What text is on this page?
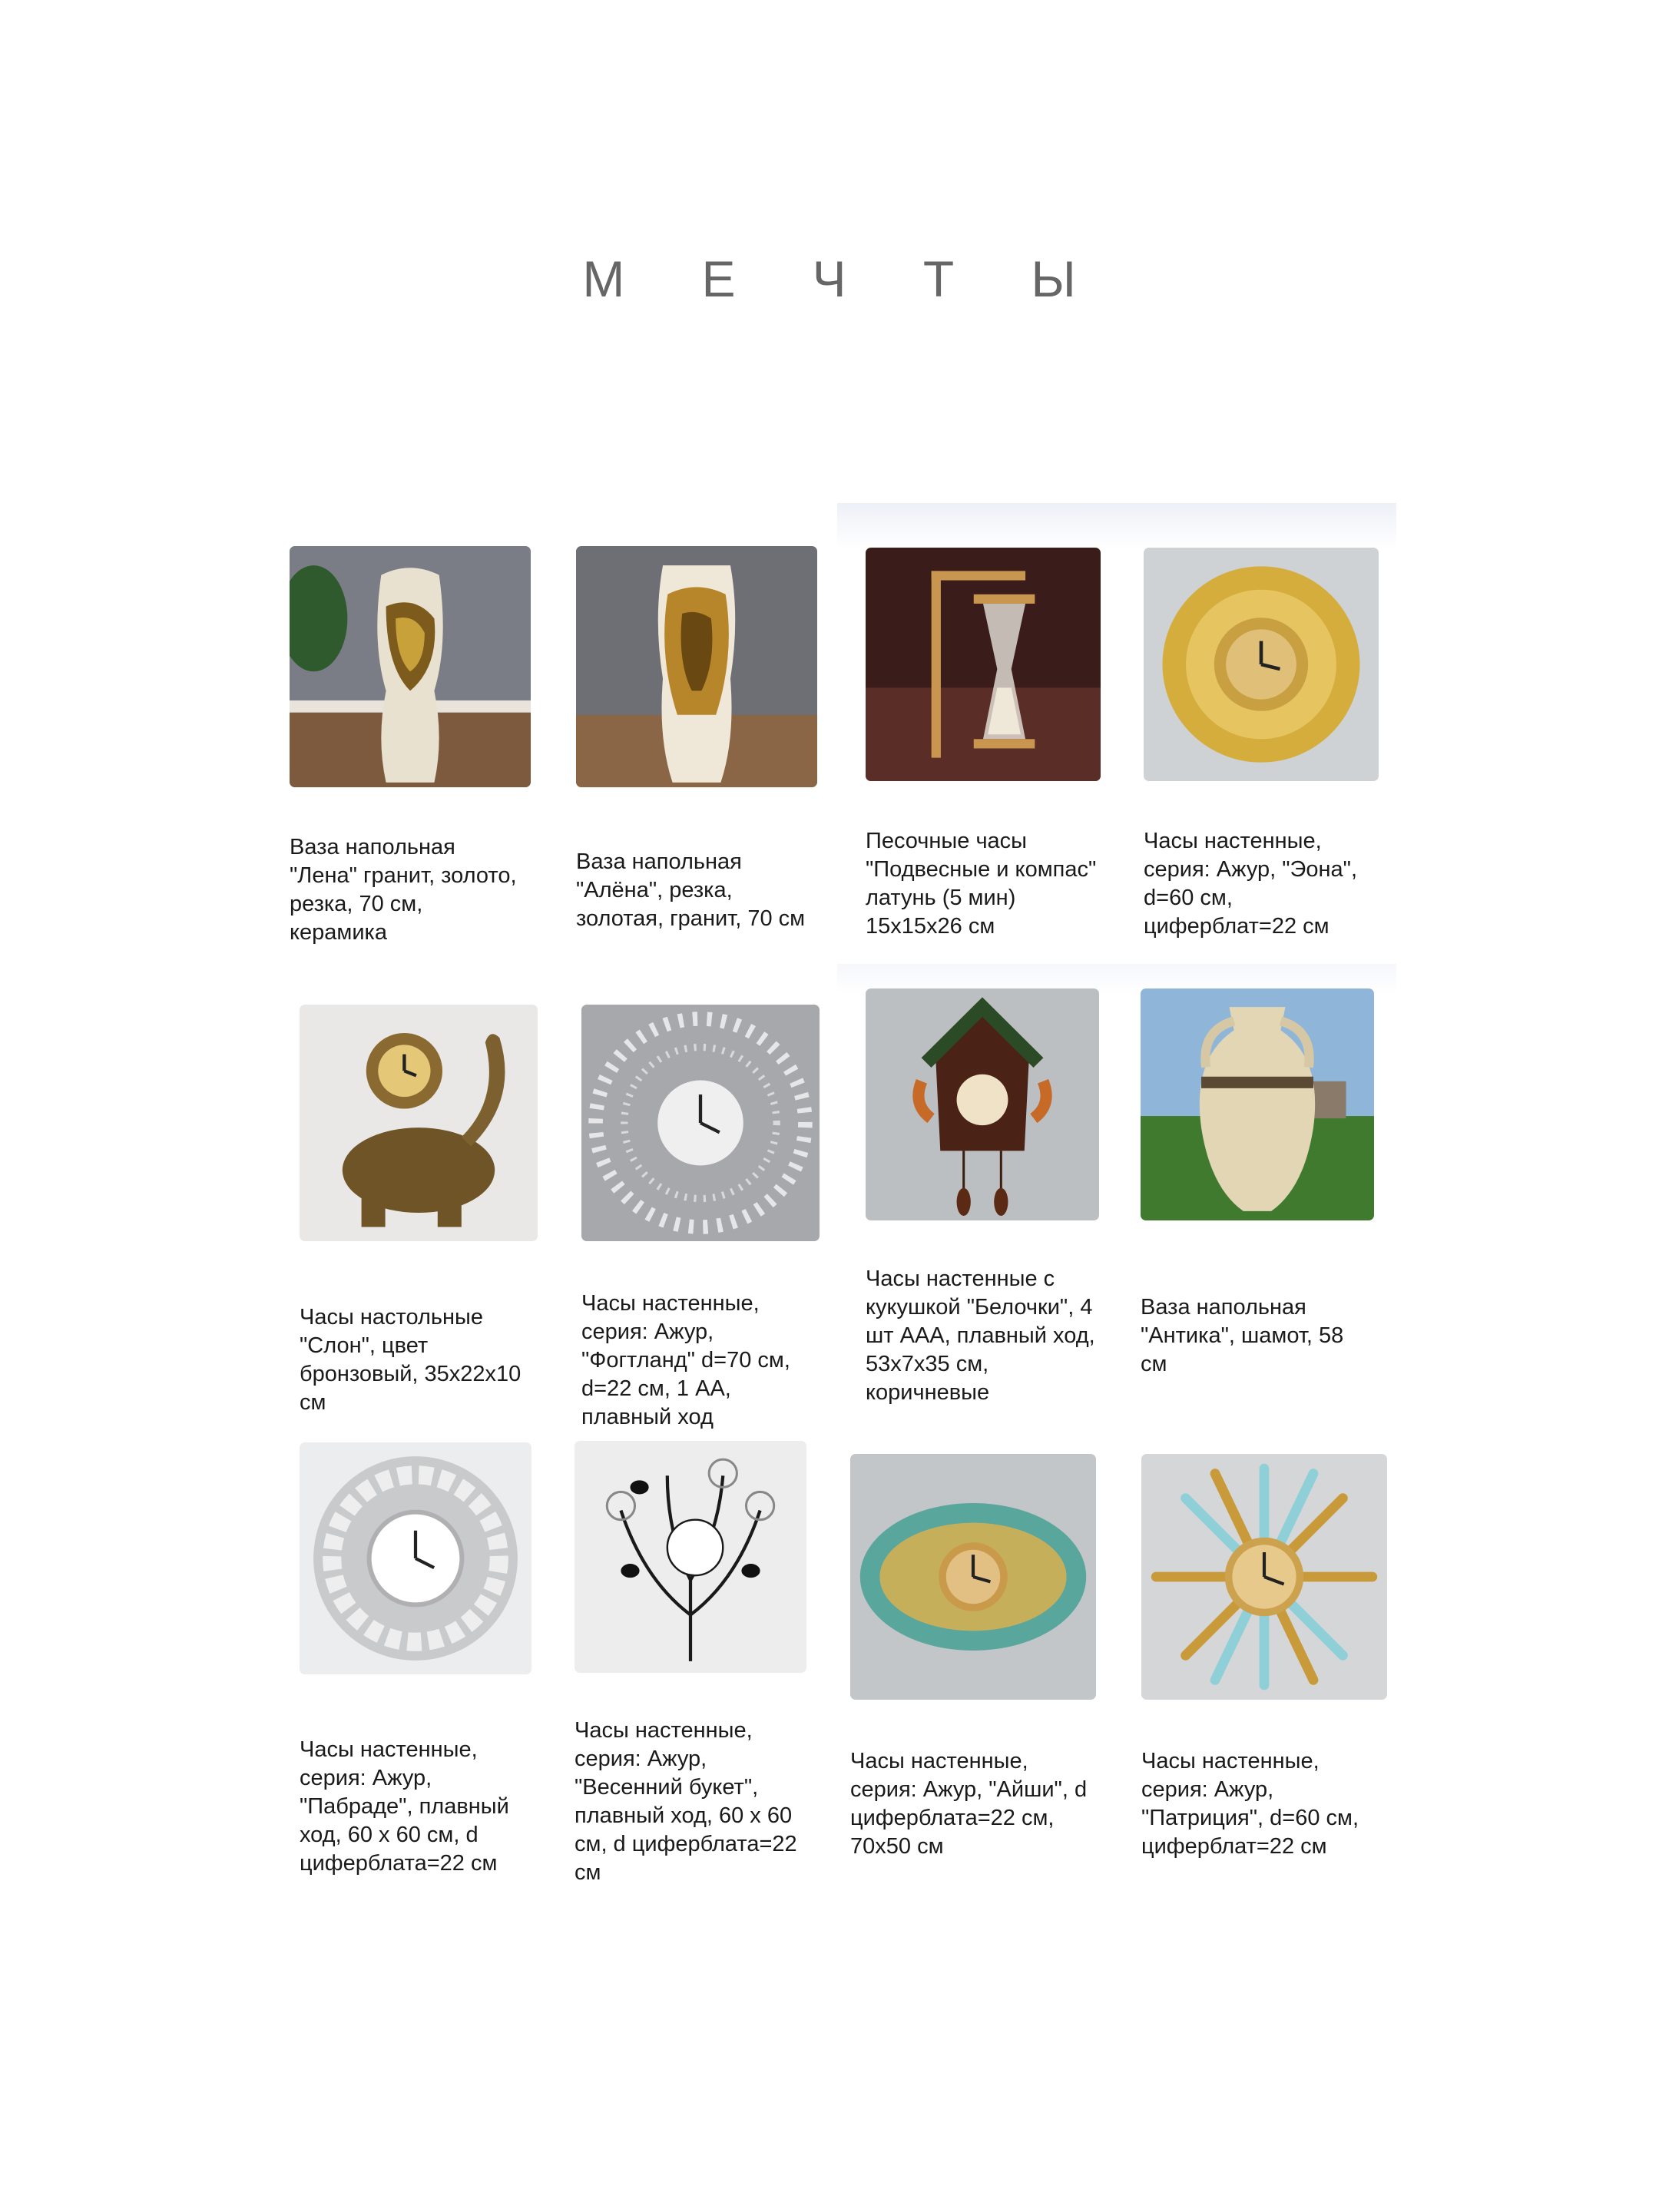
М Е Ч Т Ы
Ваза напольная
"Лена" гранит, золото,
резка, 70 см,
керамика
Ваза напольная
"Алёна", резка,
золотая, гранит, 70 см
Песочные часы
"Подвесные и компас"
латунь (5 мин)
15х15х26 см
Часы настенные,
серия: Ажур, "Эона",
d=60 см,
циферблат=22 см
Часы настольные
"Слон", цвет
бронзовый, 35x22x10
см
Часы настенные,
серия: Ажур,
"Фогтланд" d=70 см,
d=22 см, 1 АА,
плавный ход
Часы настенные с
кукушкой "Белочки", 4
шт ААА, плавный ход,
53х7х35 см,
коричневые
Ваза напольная
"Антика", шамот, 58
см
Часы настенные,
серия: Ажур,
"Пабраде", плавный
ход, 60 х 60 см, d
циферблата=22 см
Часы настенные,
серия: Ажур,
"Весенний букет",
плавный ход, 60 х 60
см, d циферблата=22
см
Часы настенные,
серия: Ажур, "Айши", d
циферблата=22 см,
70x50 см
Часы настенные,
серия: Ажур,
"Патриция", d=60 см,
циферблат=22 см
